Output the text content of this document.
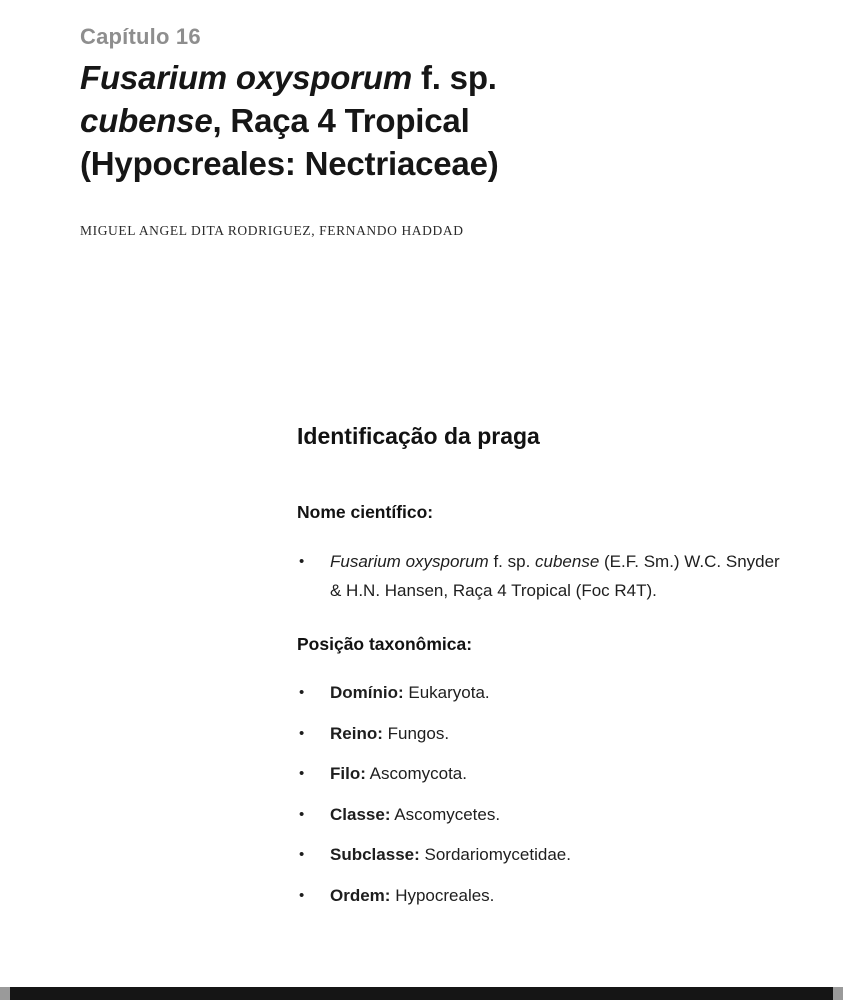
Capítulo 16
Fusarium oxysporum f. sp. cubense, Raça 4 Tropical (Hypocreales: Nectriaceae)
MIGUEL ANGEL DITA RODRIGUEZ, FERNANDO HADDAD
Identificação da praga
Nome científico:
•	Fusarium oxysporum f. sp. cubense (E.F. Sm.) W.C. Snyder & H.N. Hansen, Raça 4 Tropical (Foc R4T).
Posição taxonômica:
•	Domínio: Eukaryota.
•	Reino: Fungos.
•	Filo: Ascomycota.
•	Classe: Ascomycetes.
•	Subclasse: Sordariomycetidae.
•	Ordem: Hypocreales.
